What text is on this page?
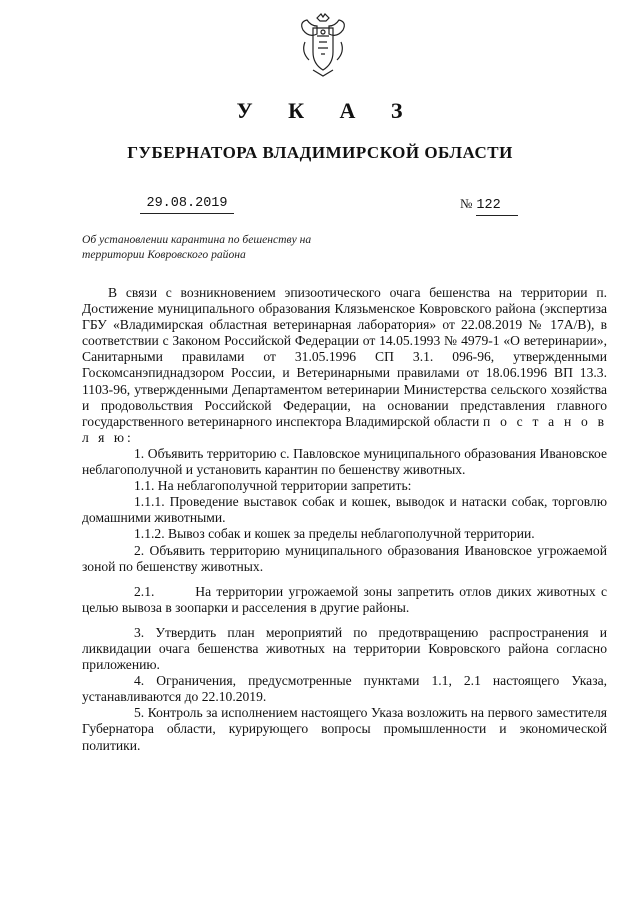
У К А З
ГУБЕРНАТОРА ВЛАДИМИРСКОЙ ОБЛАСТИ
29.08.2019	№ 122
Об установлении карантина по бешенству на территории Ковровского района

В связи с возникновением эпизоотического очага бешенства на территории п. Достижение муниципального образования Клязьменское Ковровского района (экспертиза ГБУ «Владимирская областная ветеринарная лаборатория» от 22.08.2019 № 17А/В), в соответствии с Законом Российской Федерации от 14.05.1993 № 4979-1 «О ветеринарии», Санитарными правилами от 31.05.1996 СП 3.1. 096-96, утвержденными Госкомсанэпиднадзором России, и Ветеринарными правилами от 18.06.1996 ВП 13.3. 1103-96, утвержденными Департаментом ветеринарии Министерства сельского хозяйства и продовольствия Российской Федерации, на основании представления главного государственного ветеринарного инспектора Владимирской области п о с т а н о в л я ю:

1. Объявить территорию с. Павловское муниципального образования Ивановское неблагополучной и установить карантин по бешенству животных.

1.1. На неблагополучной территории запретить:

1.1.1. Проведение выставок собак и кошек, выводок и натаски собак, торговлю домашними животными.

1.1.2. Вывоз собак и кошек за пределы неблагополучной территории.

2. Объявить территорию муниципального образования Ивановское угрожаемой зоной по бешенству животных.

2.1.	На территории угрожаемой зоны запретить отлов диких животных с целью вывоза в зоопарки и расселения в другие районы.

3. Утвердить план мероприятий по предотвращению распространения и ликвидации очага бешенства животных на территории Ковровского района согласно приложению.

4. Ограничения, предусмотренные пунктами 1.1, 2.1 настоящего Указа, устанавливаются до 22.10.2019.

5. Контроль за исполнением настоящего Указа возложить на первого заместителя Губернатора области, курирующего вопросы промышленности и экономической политики.
